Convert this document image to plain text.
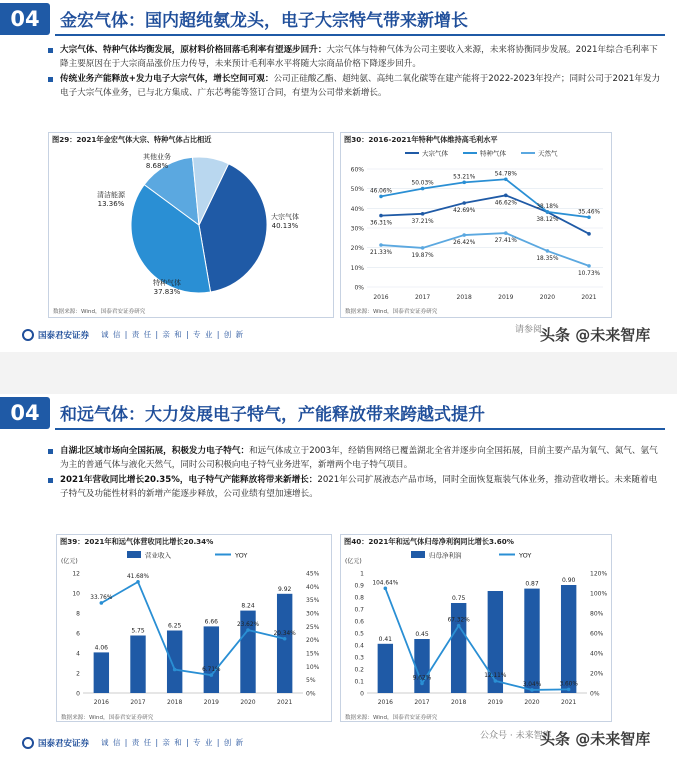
04	金宏气体：国内超纯氨龙头，电子大宗特气带来新增长

大宗气体、特种气体均衡发展，原材料价格回落毛利率有望逐步回升：大宗气体与特种气体为公司主要收入来源，未来将协衡同步发展。2021年综合毛利率下降主要原因在于大宗商品涨价压力传导，未来预计毛利率水平将随大宗商品价格下降逐步回升。

传统业务产能释放+发力电子大宗气体，增长空间可观：公司正硅酸乙酯、超纯氨、高纯二氧化碳等在建产能将于2022-2023年投产；同时公司于2021年发力电子大宗气体业务，已与北方集成、广东芯粤能等签订合同，有望为公司带来新增长。

图29：2021年金宏气体大宗、特种气体占比相近
大宗气体
40.13%
特种气体
37.83%
清洁能源
13.36%
其他业务
8.68%
数据来源：Wind，国泰君安证券研究
图30：2016-2021年特种气体维持高毛利水平
0%
10%
20%
30%
40%
50%
60%
2016	2017	2018	2019	2020	2021
大宗气体	特种气体	天然气
36.31%	37.21%
42.69%
46.62%
38.12%
46.06%
50.03%
53.21%
54.78%
38.18%
35.46%
21.33%	19.87%
26.42%	27.41%
18.35%
10.73%
数据来源：Wind，国泰君安证券研究
国泰君安证券 诚 信 | 责 任 | 亲 和 | 专 业 | 创 新	请参阅
头条 @未来智库
04	和远气体：大力发展电子特气，产能释放带来跨越式提升

自湖北区域市场向全国拓展，积极发力电子特气：和远气体成立于2003年，经销售网络已覆盖湖北全省并逐步向全国拓展，目前主要产品为氧气、氮气、氩气为主的普通气体与液化天然气，同时公司积极向电子特气业务进军，新增两个电子特气项目。

2021年营收同比增长20.35%，电子特气产能释放将带来新增长：2021年公司扩展液态产品市场，同时全面恢复瓶装气体业务，推动营收增长。未来随着电子特气及功能性材料的新增产能逐步释放，公司业绩有望加速增长。

图39：2021年和远气体营收同比增长20.34%
(亿元)
0
2
4
6
8
10
12
0%
5%
10%
15%
20%
25%
30%
35%
40%
45%
2016	2017	2018	2019	2020	2021
营业收入	YOY
4.06
5.75
6.25
6.66
8.24
9.92
33.76%
41.68%
6.71%
23.62%
20.34%
数据来源：Wind，国泰君安证券研究
图40：2021年和远气体归母净利润同比增长3.60%
(亿元)
0
0.1
0.2
0.3
0.4
0.5
0.6
0.7
0.8
0.9
1
0%
20%
40%
60%
80%
100%
120%
2016	2017	2018	2019	2020	2021
归母净利润	YOY
0.41
0.45
0.75
0.87
0.90
104.64%
9.62%
67.32%
12.11%
3.04%	3.60%
数据来源：Wind，国泰君安证券研究
国泰君安证券 诚 信 | 责 任 | 亲 和 | 专 业 | 创 新
公众号 · 未来智库
头条 @未来智库
